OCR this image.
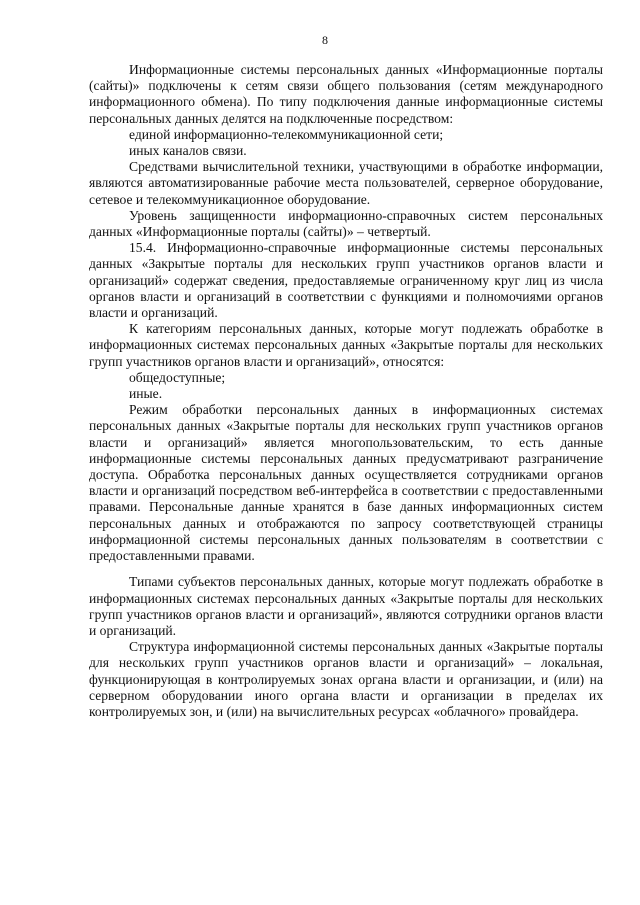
8

Информационные системы персональных данных «Информационные порталы (сайты)» подключены к сетям связи общего пользования (сетям международного информационного обмена). По типу подключения данные информационные системы персональных данных делятся на подключенные посредством:

единой информационно-телекоммуникационной сети;

иных каналов связи.

Средствами вычислительной техники, участвующими в обработке информации, являются автоматизированные рабочие места пользователей, серверное оборудование, сетевое и телекоммуникационное оборудование.

Уровень защищенности информационно-справочных систем персональных данных «Информационные порталы (сайты)» – четвертый.

15.4. Информационно-справочные информационные системы персональных данных «Закрытые порталы для нескольких групп участников органов власти и организаций» содержат сведения, предоставляемые ограниченному круг лиц из числа органов власти и организаций в соответствии с функциями и полномочиями органов власти и организаций.

К категориям персональных данных, которые могут подлежать обработке в информационных системах персональных данных «Закрытые порталы для нескольких групп участников органов власти и организаций», относятся:

общедоступные;

иные.

Режим обработки персональных данных в информационных системах персональных данных «Закрытые порталы для нескольких групп участников органов власти и организаций» является многопользовательским, то есть данные информационные системы персональных данных предусматривают разграничение доступа. Обработка персональных данных осуществляется сотрудниками органов власти и организаций посредством веб-интерфейса в соответствии с предоставленными правами. Персональные данные хранятся в базе данных информационных систем персональных данных и отображаются по запросу соответствующей страницы информационной системы персональных данных пользователям в соответствии с предоставленными правами.

Типами субъектов персональных данных, которые могут подлежать обработке в информационных системах персональных данных «Закрытые порталы для нескольких групп участников органов власти и организаций», являются сотрудники органов власти и организаций.

Структура информационной системы персональных данных «Закрытые порталы для нескольких групп участников органов власти и организаций» – локальная, функционирующая в контролируемых зонах органа власти и организации, и (или) на серверном оборудовании иного органа власти и организации в пределах их контролируемых зон, и (или) на вычислительных ресурсах «облачного» провайдера.
